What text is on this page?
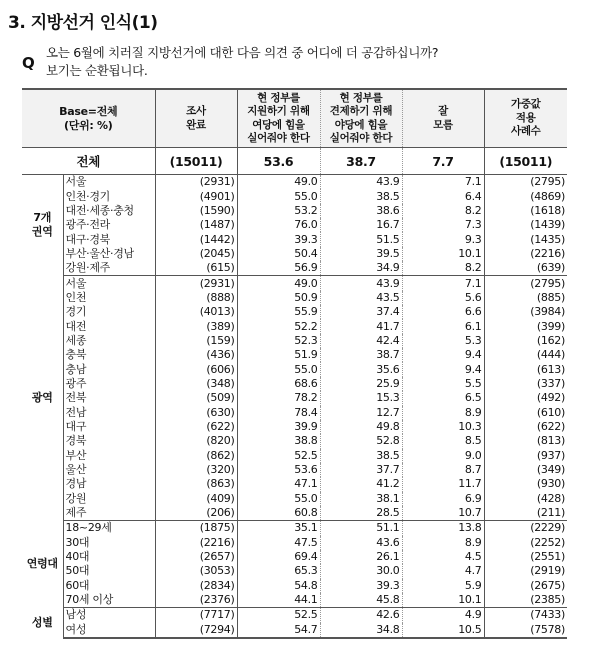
3. 지방선거 인식(1)
Q
오는 6월에 치러질 지방선거에 대한 다음 의견 중 어디에 더 공감하십니까?
보기는 순환됩니다.
Base=전체
(단위: %)

조사
완료

현 정부를
지원하기 위해
여당에 힘을
실어줘야 한다

현 정부를
견제하기 위해
야당에 힘을
실어줘야 한다

잘
모름

가중값
적용
사례수

전체		(15011)	53.6	38.7	7.7	(15011)

7개
권역	서울	(2931)	49.0	43.9	7.1	(2795)
	인천·경기	(4901)	55.0	38.5	6.4	(4869)
	대전·세종·충청	(1590)	53.2	38.6	8.2	(1618)
	광주·전라	(1487)	76.0	16.7	7.3	(1439)
	대구·경북	(1442)	39.3	51.5	9.3	(1435)
	부산·울산·경남	(2045)	50.4	39.5	10.1	(2216)
	강원·제주	(615)	56.9	34.9	8.2	(639)

광역	서울	(2931)	49.0	43.9	7.1	(2795)
	인천	(888)	50.9	43.5	5.6	(885)
	경기	(4013)	55.9	37.4	6.6	(3984)
	대전	(389)	52.2	41.7	6.1	(399)
	세종	(159)	52.3	42.4	5.3	(162)
	충북	(436)	51.9	38.7	9.4	(444)
	충남	(606)	55.0	35.6	9.4	(613)
	광주	(348)	68.6	25.9	5.5	(337)
	전북	(509)	78.2	15.3	6.5	(492)
	전남	(630)	78.4	12.7	8.9	(610)
	대구	(622)	39.9	49.8	10.3	(622)
	경북	(820)	38.8	52.8	8.5	(813)
	부산	(862)	52.5	38.5	9.0	(937)
	울산	(320)	53.6	37.7	8.7	(349)
	경남	(863)	47.1	41.2	11.7	(930)
	강원	(409)	55.0	38.1	6.9	(428)
	제주	(206)	60.8	28.5	10.7	(211)

연령대	18~29세	(1875)	35.1	51.1	13.8	(2229)
	30대	(2216)	47.5	43.6	8.9	(2252)
	40대	(2657)	69.4	26.1	4.5	(2551)
	50대	(3053)	65.3	30.0	4.7	(2919)
	60대	(2834)	54.8	39.3	5.9	(2675)
	70세 이상	(2376)	44.1	45.8	10.1	(2385)

성별	남성	(7717)	52.5	42.6	4.9	(7433)
	여성	(7294)	54.7	34.8	10.5	(7578)
